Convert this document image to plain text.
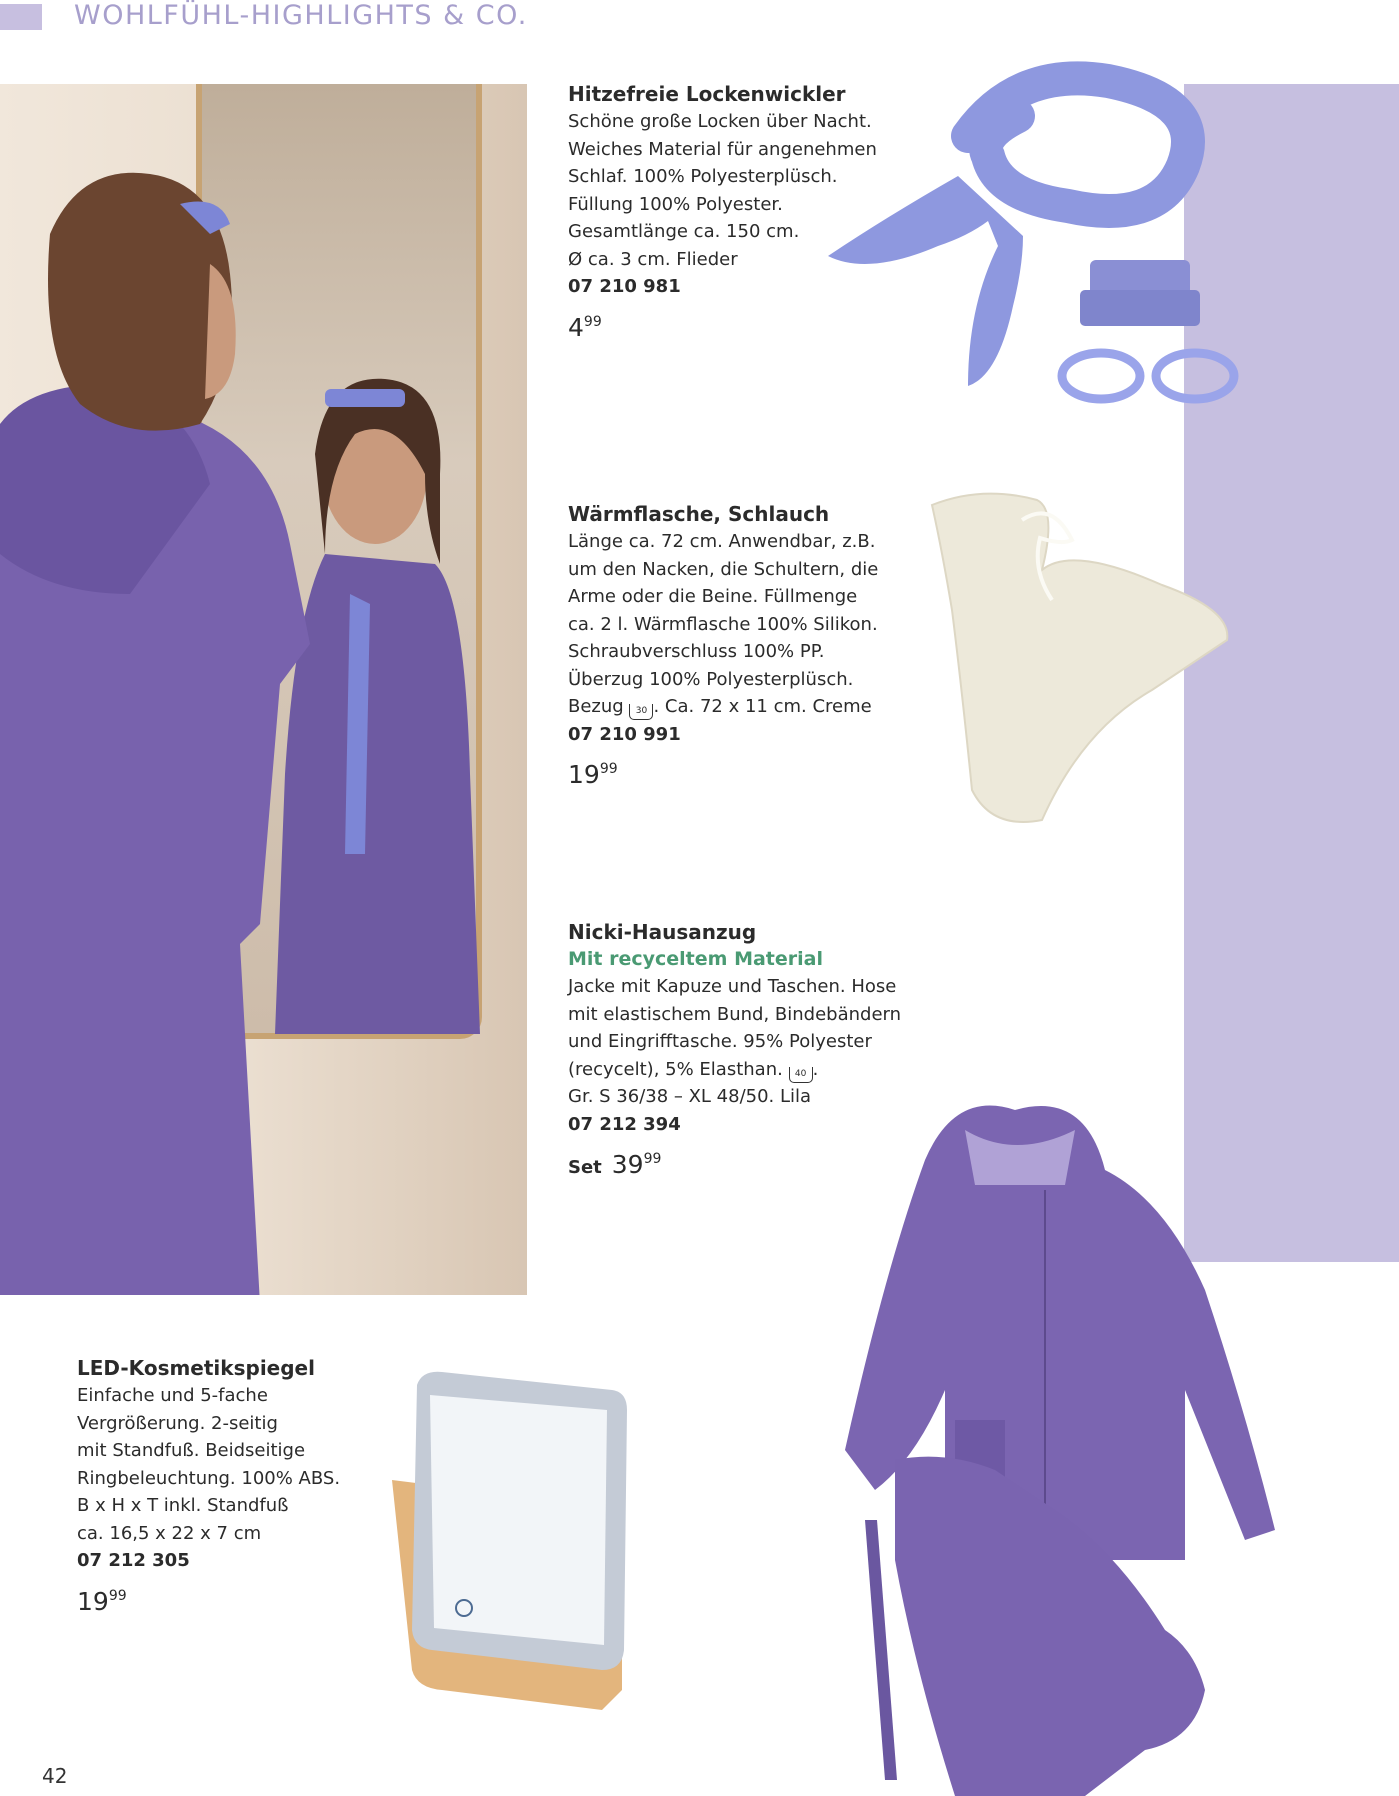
WOHLFÜHL-HIGHLIGHTS & CO.
Hitzefreie Lockenwickler
Schöne große Locken über Nacht.
Weiches Material für angenehmen
Schlaf. 100% Polyesterplüsch.
Füllung 100% Polyester.
Gesamtlänge ca. 150 cm.
Ø ca. 3 cm. Flieder
07 210 981
$4^{99}$
Wärmflasche, Schlauch
Länge ca. 72 cm. Anwendbar, z.B.
um den Nacken, die Schultern, die
Arme oder die Beine. Füllmenge
ca. 2 l. Wärmflasche 100% Silikon.
Schraubverschluss 100% PP.
Überzug 100% Polyesterplüsch.
Bezug 30 . Ca. 72 x 11 cm. Creme
07 210 991
$19^{99}$
Nicki-Hausanzug
Mit recyceltem Material
Jacke mit Kapuze und Taschen. Hose
mit elastischem Bund, Bindebändern
und Eingrifftasche. 95% Polyester
(recycelt), 5% Elasthan. 40 .
Gr. S 36/38 – XL 48/50. Lila
07 212 394
Set $39^{99}$
LED-Kosmetikspiegel
Einfache und 5-fache
Vergrößerung. 2-seitig
mit Standfuß. Beidseitige
Ringbeleuchtung. 100% ABS.
B x H x T inkl. Standfuß
ca. 16,5 x 22 x 7 cm
07 212 305
$19^{99}$
42
